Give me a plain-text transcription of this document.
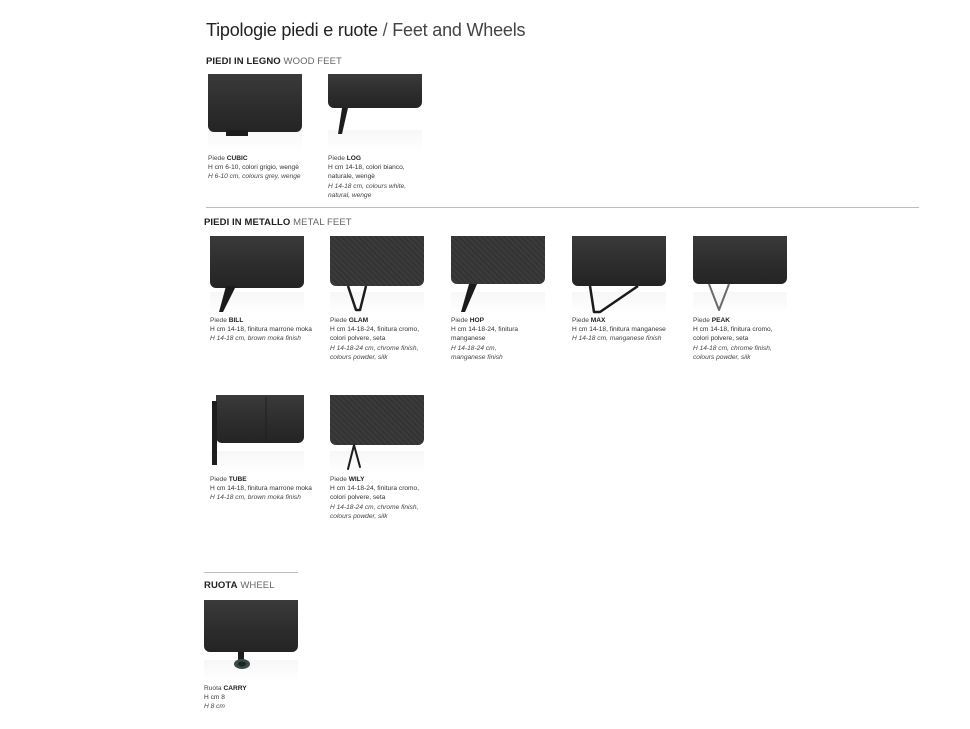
Tipologie piedi e ruote / Feet and Wheels
PIEDI IN LEGNO WOOD FEET
Piede CUBIC
H cm 6-10, colori grigio, wengè
H 6-10 cm, colours grey, wenge
Piede LOG
H cm 14-18, colori bianco,
naturale, wengè
H 14-18 cm, colours white,
natural, wenge
PIEDI IN METALLO METAL FEET
Piede BILL
H cm 14-18, finitura marrone moka
H 14-18 cm, brown moka finish
Piede GLAM
H cm 14-18-24, finitura cromo,
colori polvere, seta
H 14-18-24 cm, chrome finish,
colours powder, silk
Piede HOP
H cm 14-18-24, finitura
manganese
H 14-18-24 cm,
manganese finish
Piede MAX
H cm 14-18, finitura manganese
H 14-18 cm, manganese finish
Piede PEAK
H cm 14-18, finitura cromo,
colori polvere, seta
H 14-18 cm, chrome finish,
colours powder, silk
Piede TUBE
H cm 14-18, finitura marrone moka
H 14-18 cm, brown moka finish
Piede WILY
H cm 14-18-24, finitura cromo,
colori polvere, seta
H 14-18-24 cm, chrome finish,
colours powder, silk
RUOTA WHEEL
Ruota CARRY
H cm 8
H 8 cm
